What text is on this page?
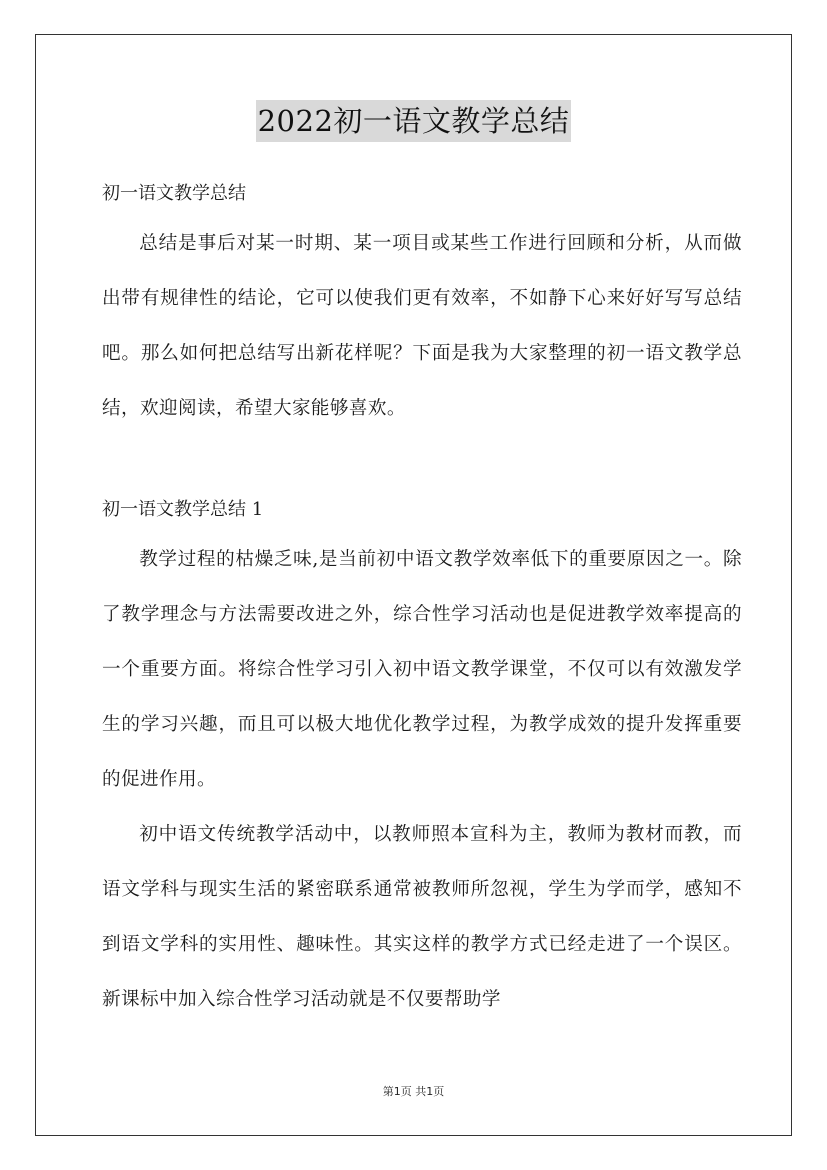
2022初一语文教学总结

初一语文教学总结

总结是事后对某一时期、某一项目或某些工作进行回顾和分析，从而做出带有规律性的结论，它可以使我们更有效率，不如静下心来好好写写总结吧。那么如何把总结写出新花样呢？下面是我为大家整理的初一语文教学总结，欢迎阅读，希望大家能够喜欢。

初一语文教学总结 1

教学过程的枯燥乏味,是当前初中语文教学效率低下的重要原因之一。除了教学理念与方法需要改进之外，综合性学习活动也是促进教学效率提高的一个重要方面。将综合性学习引入初中语文教学课堂，不仅可以有效激发学生的学习兴趣，而且可以极大地优化教学过程，为教学成效的提升发挥重要的促进作用。

初中语文传统教学活动中，以教师照本宣科为主，教师为教材而教，而语文学科与现实生活的紧密联系通常被教师所忽视，学生为学而学，感知不到语文学科的实用性、趣味性。其实这样的教学方式已经走进了一个误区。新课标中加入综合性学习活动就是不仅要帮助学

第1页 共1页
